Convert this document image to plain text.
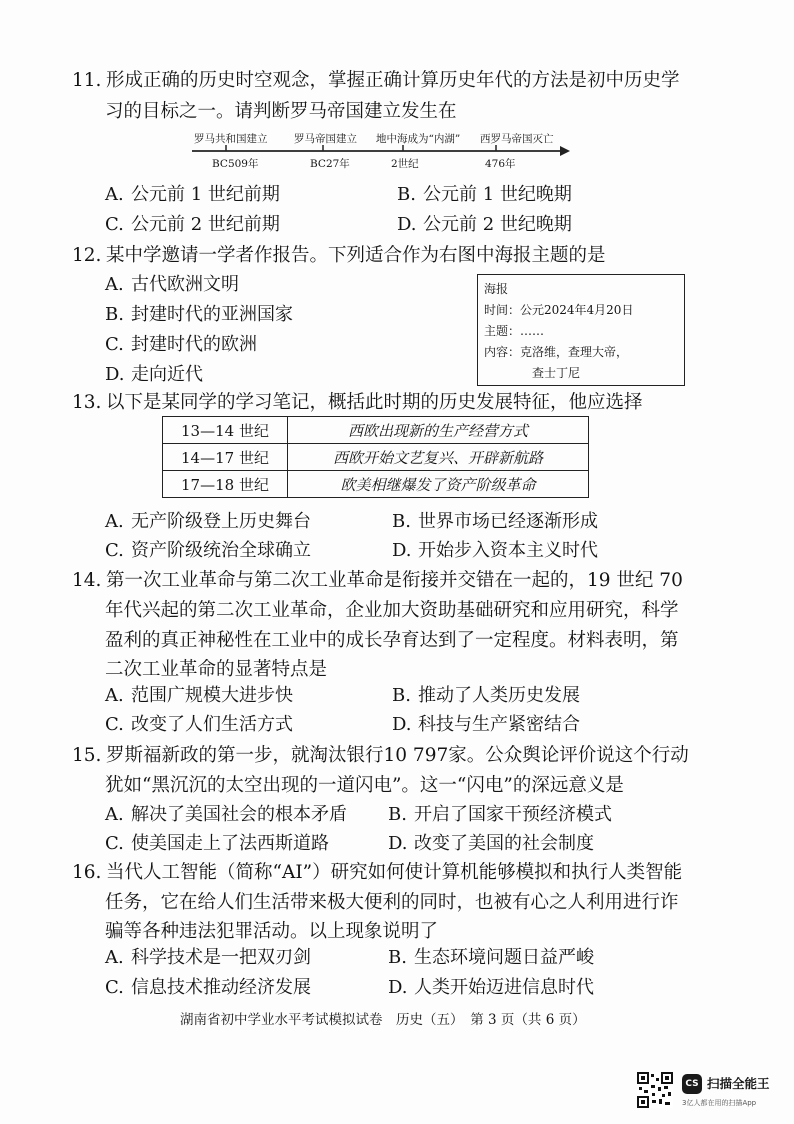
11. 形成正确的历史时空观念，掌握正确计算历史年代的方法是初中历史学
习的目标之一。请判断罗马帝国建立发生在
罗马共和国建立	罗马帝国建立 地中海成为“内湖” 西罗马帝国灭亡
BC509年	BC27年	2世纪	476年
A. 公元前 1 世纪前期	B. 公元前 1 世纪晚期
C. 公元前 2 世纪前期	D. 公元前 2 世纪晚期
12. 某中学邀请一学者作报告。下列适合作为右图中海报主题的是
A. 古代欧洲文明
B. 封建时代的亚洲国家
C. 封建时代的欧洲
D. 走向近代
海报
时间：公元2024年4月20日
主题：……
内容：克洛维，查理大帝，
查士丁尼
13. 以下是某同学的学习笔记，概括此时期的历史发展特征，他应选择
13—14 世纪	西欧出现新的生产经营方式
14—17 世纪	西欧开始文艺复兴、开辟新航路
17—18 世纪	欧美相继爆发了资产阶级革命
A. 无产阶级登上历史舞台	B. 世界市场已经逐渐形成
C. 资产阶级统治全球确立	D. 开始步入资本主义时代
14. 第一次工业革命与第二次工业革命是衔接并交错在一起的，19 世纪 70
年代兴起的第二次工业革命，企业加大资助基础研究和应用研究，科学
盈利的真正神秘性在工业中的成长孕育达到了一定程度。材料表明，第
二次工业革命的显著特点是
A. 范围广规模大进步快	B. 推动了人类历史发展
C. 改变了人们生活方式	D. 科技与生产紧密结合
15. 罗斯福新政的第一步，就淘汰银行10 797家。公众舆论评价说这个行动
犹如“黑沉沉的太空出现的一道闪电”。这一“闪电”的深远意义是
A. 解决了美国社会的根本矛盾 B. 开启了国家干预经济模式
C. 使美国走上了法西斯道路	D. 改变了美国的社会制度
16. 当代人工智能（简称“AI”）研究如何使计算机能够模拟和执行人类智能
任务，它在给人们生活带来极大便利的同时，也被有心之人利用进行诈
骗等各种违法犯罪活动。以上现象说明了
A. 科学技术是一把双刃剑	B. 生态环境问题日益严峻
C. 信息技术推动经济发展	D. 人类开始迈进信息时代
湖南省初中学业水平考试模拟试卷　历史（五）　第 3 页（共 6 页）
CS 扫描全能王
3亿人都在用的扫描App
